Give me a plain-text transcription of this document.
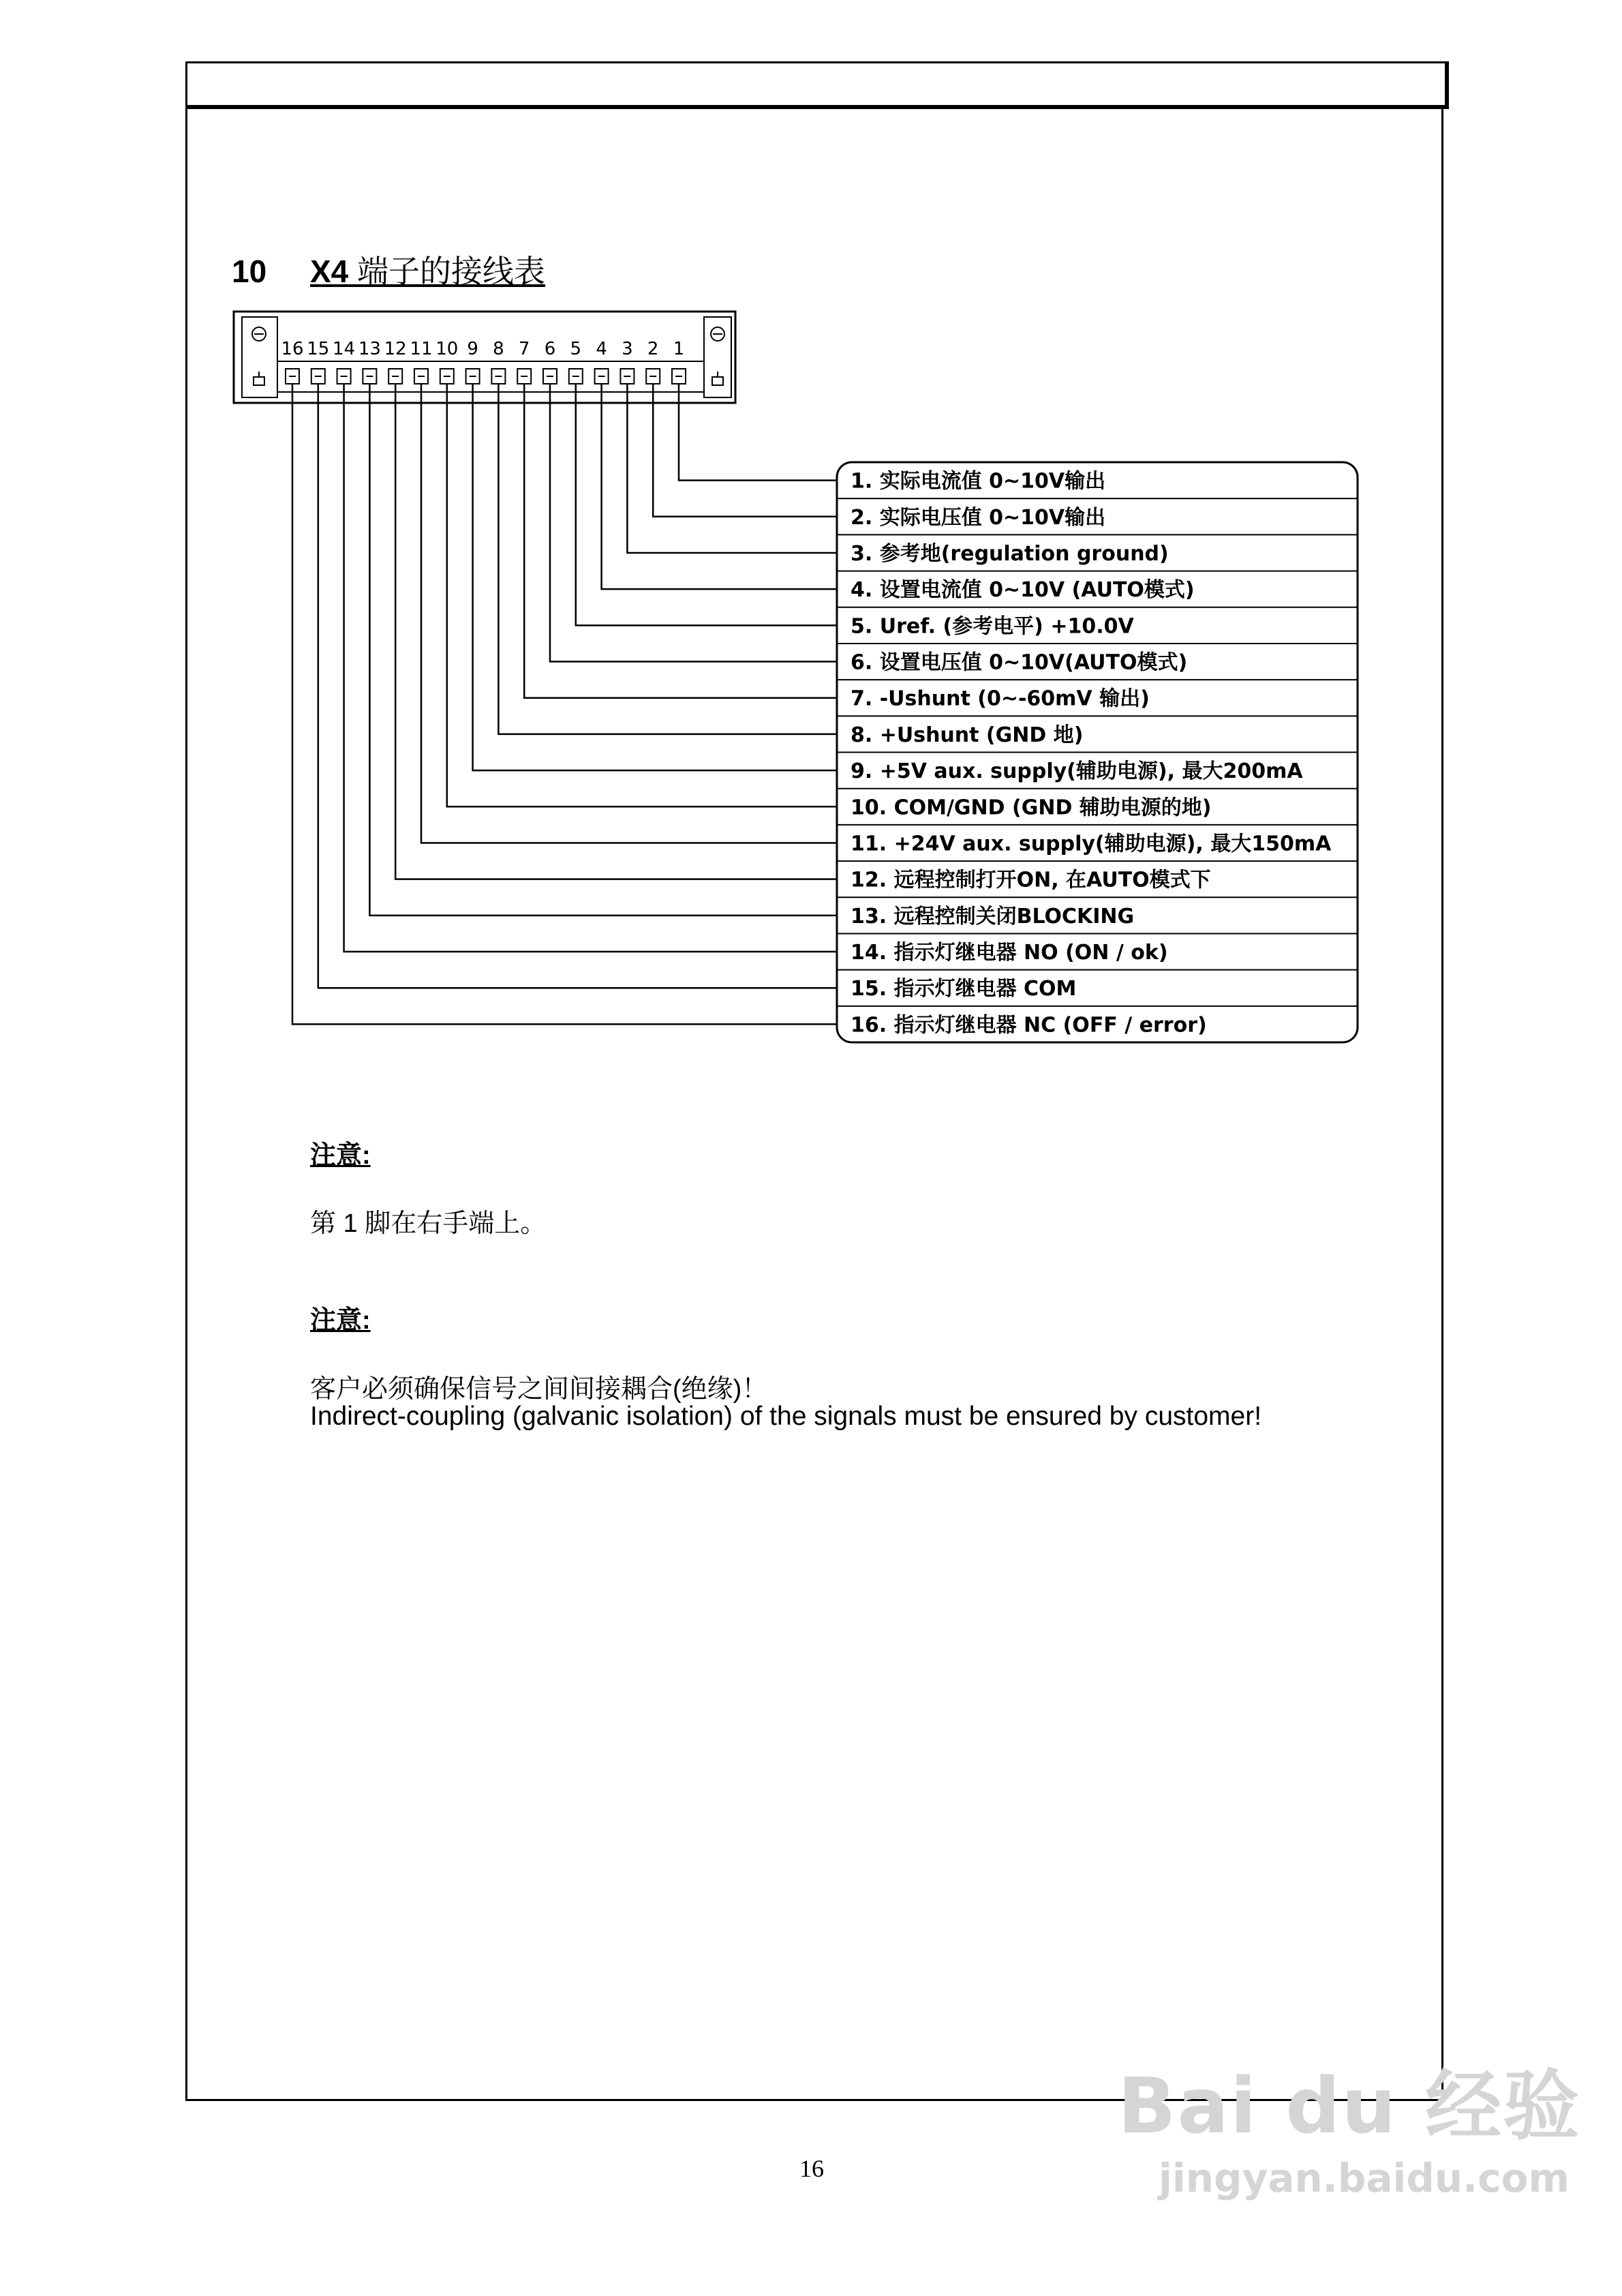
10 X4 端子的接线表
16 15 14 13 12 11 10 9 8 7 6 5 4 3 2 1
1. 实际电流值 0~10V输出
2. 实际电压值 0~10V输出
3. 参考地(regulation ground)
4. 设置电流值 0~10V (AUTO模式)
5. Uref. (参考电平) +10.0V
6. 设置电压值 0~10V(AUTO模式)
7. -Ushunt (0~-60mV 输出)
8. +Ushunt (GND 地)
9. +5V aux. supply(辅助电源), 最大200mA
10. COM/GND (GND 辅助电源的地)
11. +24V aux. supply(辅助电源), 最大150mA
12. 远程控制打开ON, 在AUTO模式下
13. 远程控制关闭BLOCKING
14. 指示灯继电器 NO (ON / ok)
15. 指示灯继电器 COM
16. 指示灯继电器 NC (OFF / error)
注意:
第 1 脚在右手端上。
注意:
客户必须确保信号之间间接耦合(绝缘)！
Indirect-coupling (galvanic isolation) of the signals must be ensured by customer!
16
Bai du 经验
jingyan.baidu.com
